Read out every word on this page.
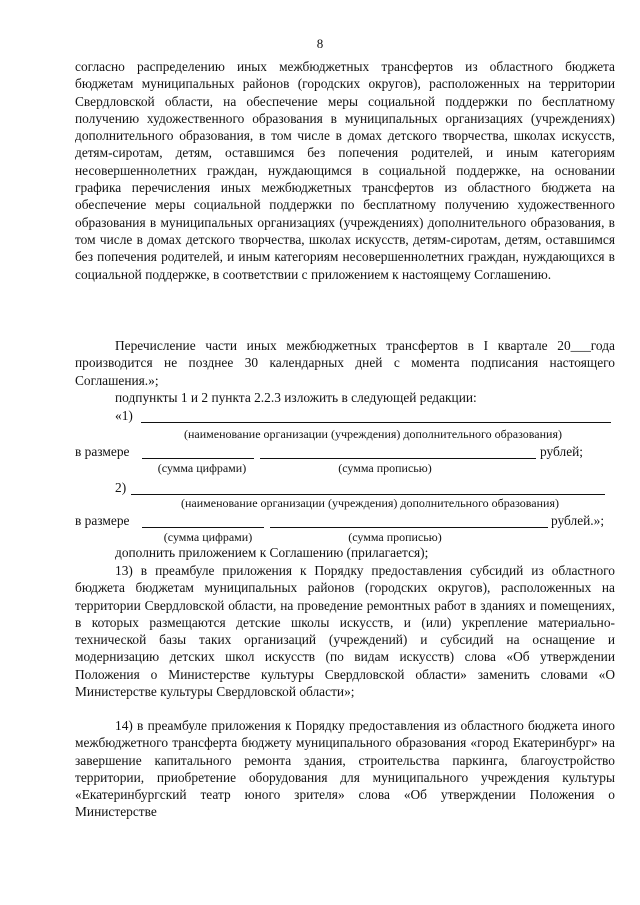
8

согласно распределению иных межбюджетных трансфертов из областного бюджета бюджетам муниципальных районов (городских округов), расположенных на территории Свердловской области, на обеспечение меры социальной поддержки по бесплатному получению художественного образования в муниципальных организациях (учреждениях) дополнительного образования, в том числе в домах детского творчества, школах искусств, детям-сиротам, детям, оставшимся без попечения родителей, и иным категориям несовершеннолетних граждан, нуждающимся в социальной поддержке, на основании графика перечисления иных межбюджетных трансфертов из областного бюджета на обеспечение меры социальной поддержки по бесплатному получению художественного образования в муниципальных организациях (учреждениях) дополнительного образования, в том числе в домах детского творчества, школах искусств, детям-сиротам, детям, оставшимся без попечения родителей, и иным категориям несовершеннолетних граждан, нуждающихся в социальной поддержке, в соответствии с приложением к настоящему Соглашению.

Перечисление части иных межбюджетных трансфертов в I квартале 20___года производится не позднее 30 календарных дней с момента подписания настоящего Соглашения.»;

подпункты 1 и 2 пункта 2.2.3 изложить в следующей редакции:

«1)
(наименование организации (учреждения) дополнительного образования)
в размере	рублей;
(сумма цифрами)	(сумма прописью)
2)
(наименование организации (учреждения) дополнительного образования)
в размере	рублей.»;
(сумма цифрами)	(сумма прописью)

дополнить приложением к Соглашению (прилагается);

13) в преамбуле приложения к Порядку предоставления субсидий из областного бюджета бюджетам муниципальных районов (городских округов), расположенных на территории Свердловской области, на проведение ремонтных работ в зданиях и помещениях, в которых размещаются детские школы искусств, и (или) укрепление материально-технической базы таких организаций (учреждений) и субсидий на оснащение и модернизацию детских школ искусств (по видам искусств) слова «Об утверждении Положения о Министерстве культуры Свердловской области» заменить словами «О Министерстве культуры Свердловской области»;

14) в преамбуле приложения к Порядку предоставления из областного бюджета иного межбюджетного трансферта бюджету муниципального образования «город Екатеринбург» на завершение капитального ремонта здания, строительства паркинга, благоустройство территории, приобретение оборудования для муниципального учреждения культуры «Екатеринбургский театр юного зрителя» слова «Об утверждении Положения о Министерстве
